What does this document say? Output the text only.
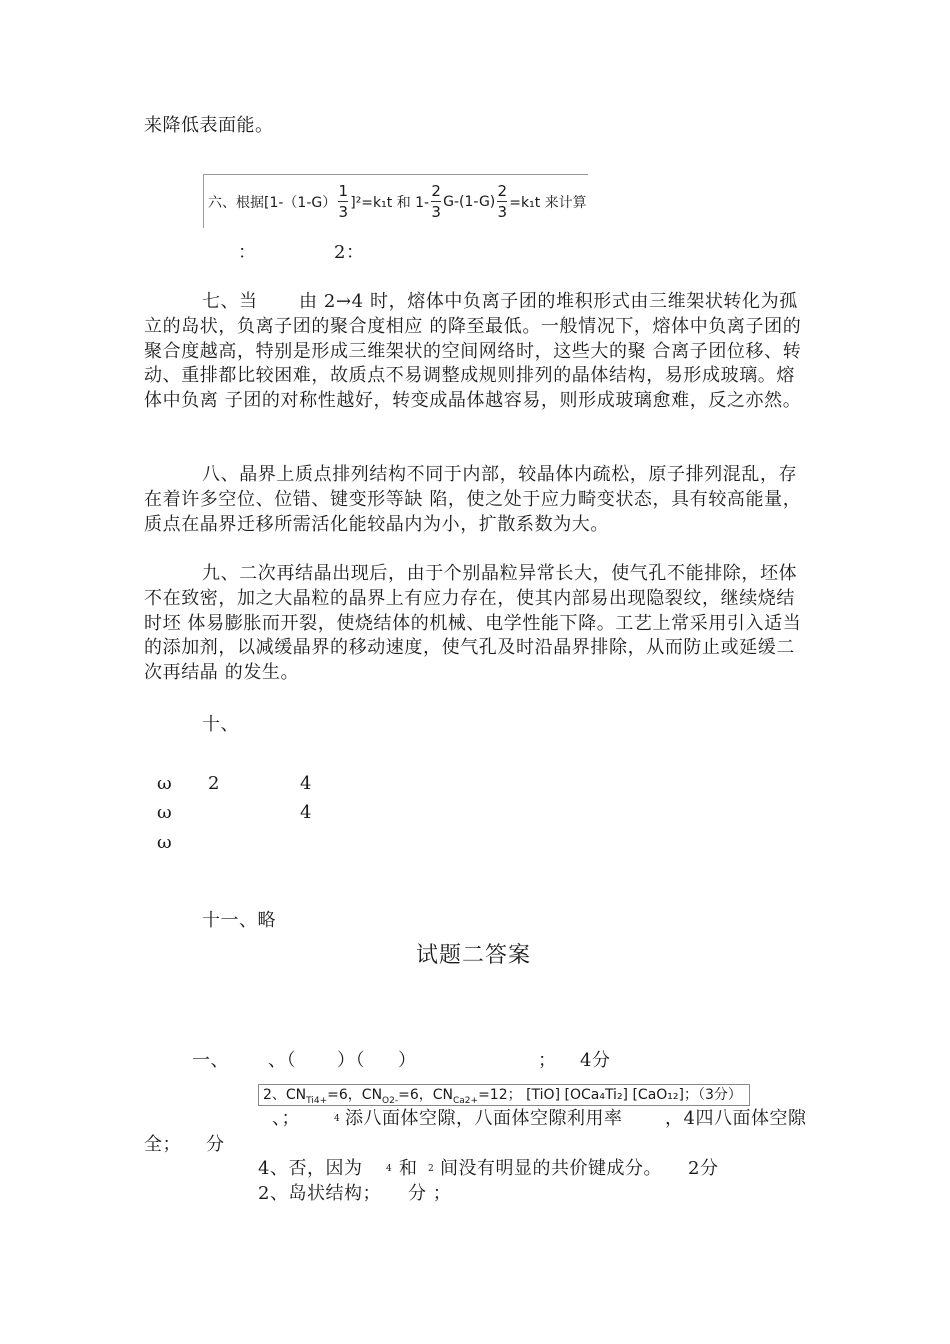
来降低表面能。
六、根据$[1-(1-G) \frac{1}{3} ]^2=k_1t$ 和 $1- \frac{2}{3} G-(1-G) \frac{2}{3} =k_1t$ 来计算
：	2：
七、当	由 2→4 时，熔体中负离子团的堆积形式由三维架状转化为孤立的岛状，负离子团的聚合度相应 的降至最低。一般情况下，熔体中负离子团的聚合度越高，特别是形成三维架状的空间网络时，这些大的聚 合离子团位移、转动、重排都比较困难，故质点不易调整成规则排列的晶体结构，易形成玻璃。熔体中负离 子团的对称性越好，转变成晶体越容易，则形成玻璃愈难，反之亦然。
八、晶界上质点排列结构不同于内部，较晶体内疏松，原子排列混乱，存在着许多空位、位错、键变形等缺 陷，使之处于应力畸变状态，具有较高能量，质点在晶界迁移所需活化能较晶内为小，扩散系数为大。
九、二次再结晶出现后，由于个别晶粒异常长大，使气孔不能排除，坯体不在致密，加之大晶粒的晶界上有应力存在，使其内部易出现隐裂纹，继续烧结时坯 体易膨胀而开裂，使烧结体的机械、电学性能下降。工艺上常采用引入适当的添加剂，以减缓晶界的移动速度，使气孔及时沿晶界排除，从而防止或延缓二次再结晶 的发生。
十、
ω 2	4
ω	4
ω
十一、略
试题二答案
一、 、（ ）（ ）	； 4分
2、$CN_{Ti4+}=6$，$CN_{O2-}=6$，$CN_{Ca2+}=12$； [TiO] [OCa₄Ti₂] [CaO₁₂]；（3分）
、；	4 添八面体空隙，八面体空隙利用率 ，4四八面体空隙
全； 分
4、否，因为	4 和 2 间没有明显的共价键成分。 2分
2、岛状结构； 分 ；
